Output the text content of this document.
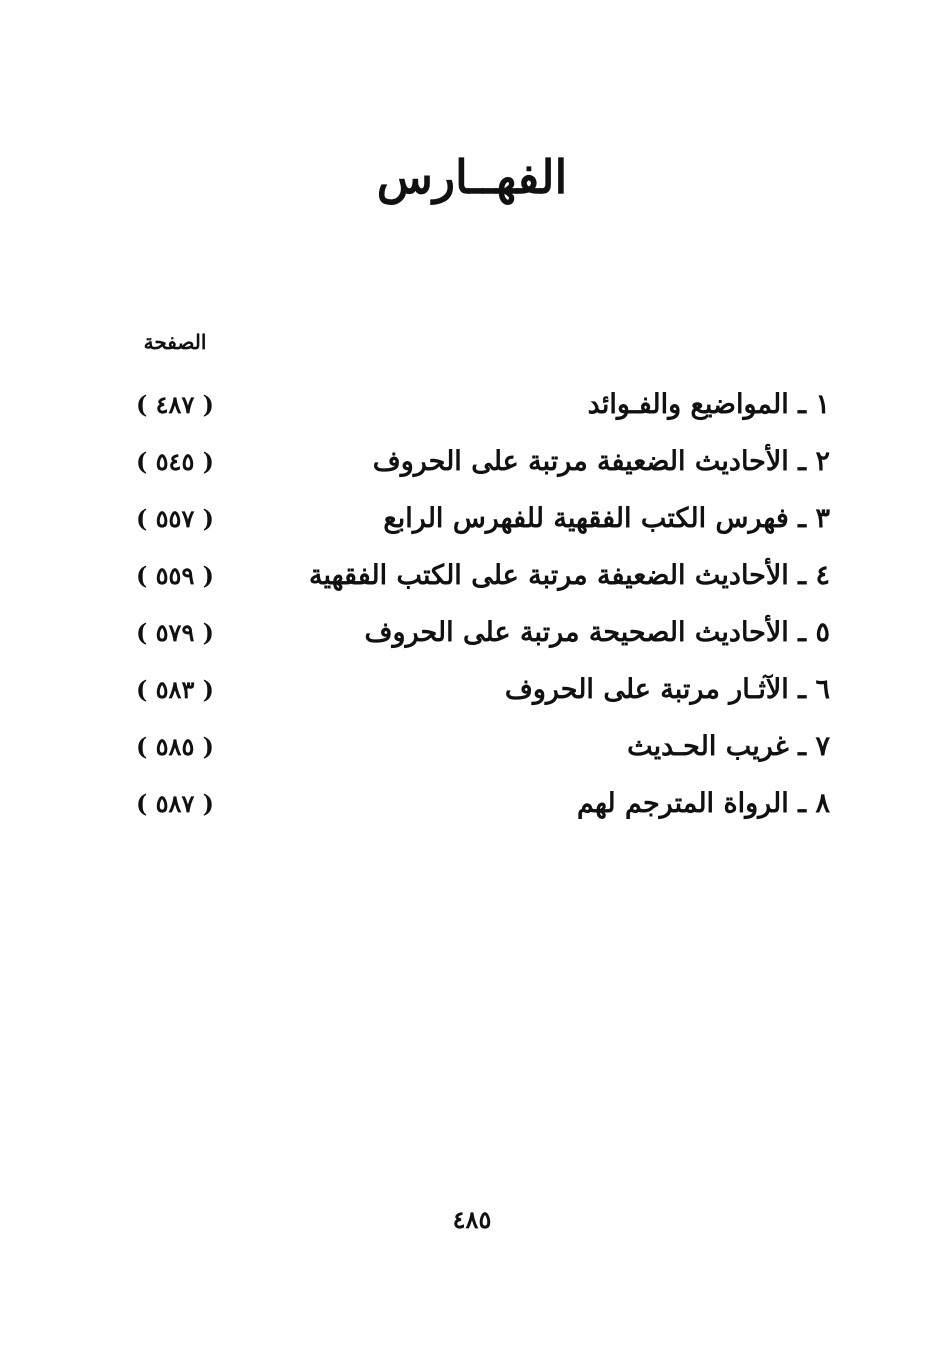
الفهــارس
الصفحة
١ ـ المواضيع والفـوائد
( ٤٨٧ )
٢ ـ الأحاديث الضعيفة مرتبة على الحروف
( ٥٤٥ )
٣ ـ فهرس الكتب الفقهية للفهرس الرابع
( ٥٥٧ )
٤ ـ الأحاديث الضعيفة مرتبة على الكتب الفقهية
( ٥٥٩ )
٥ ـ الأحاديث الصحيحة مرتبة على الحروف
( ٥٧٩ )
٦ ـ الآثـار مرتبة على الحروف
( ٥٨٣ )
٧ ـ غريب الحـديث
( ٥٨٥ )
٨ ـ الرواة المترجم لهم
( ٥٨٧ )
٤٨٥
